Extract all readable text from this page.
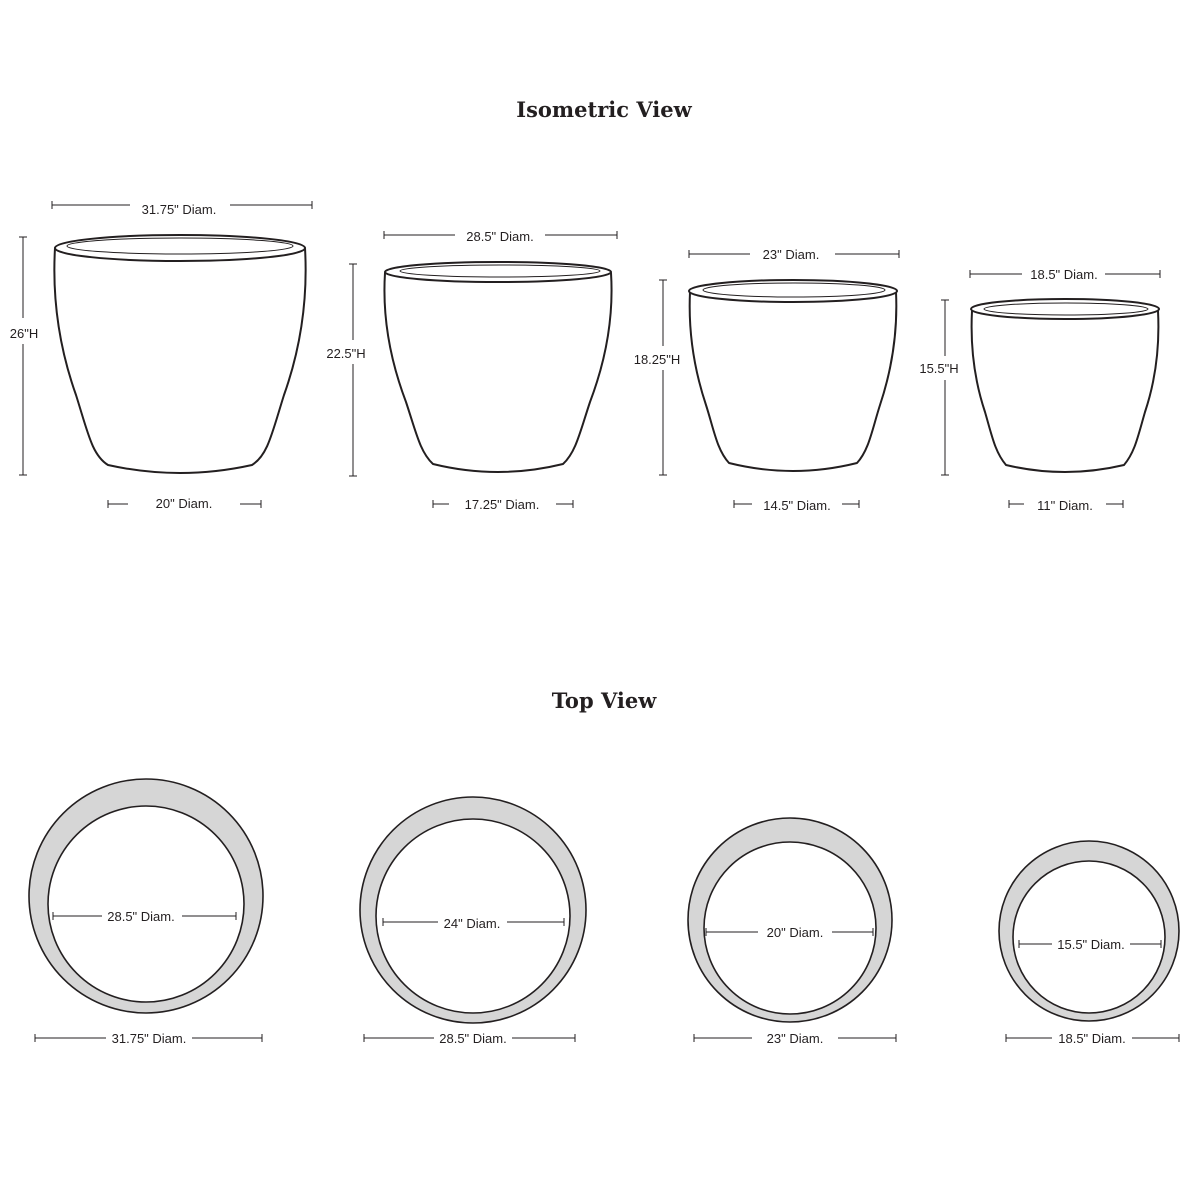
Isometric View
Top View
31.75" Diam.
26"H
20" Diam.
28.5" Diam.
22.5"H
17.25" Diam.
23" Diam.
18.25"H
14.5" Diam.
18.5" Diam.
15.5"H
11" Diam.
28.5" Diam.
31.75" Diam.
24" Diam.
28.5" Diam.
20" Diam.
23" Diam.
15.5" Diam.
18.5" Diam.
